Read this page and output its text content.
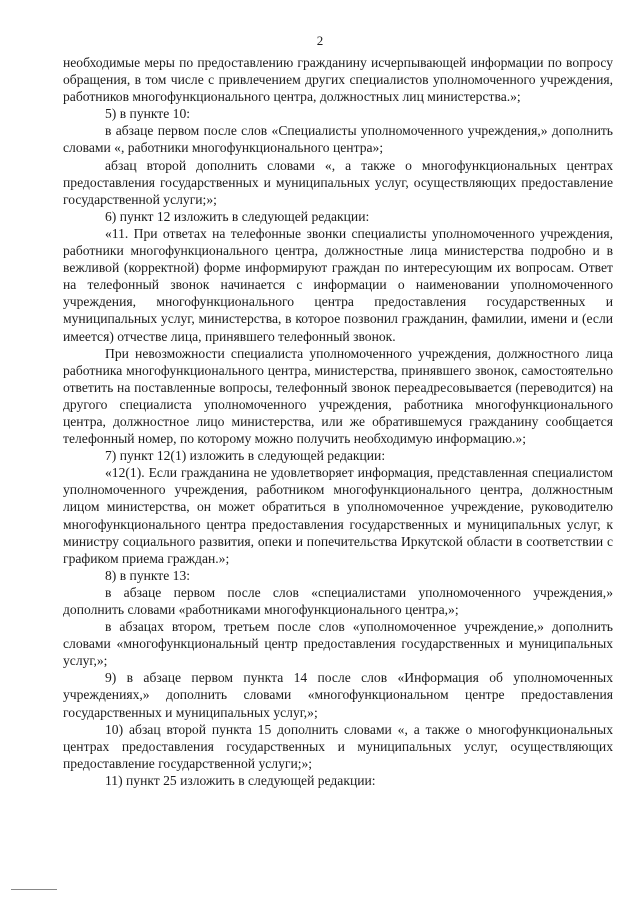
2

необходимые меры по предоставлению гражданину исчерпывающей информации по вопросу обращения, в том числе с привлечением других специалистов уполномоченного учреждения, работников многофункционального центра, должностных лиц министерства.»;

5) в пункте 10:

в абзаце первом после слов «Специалисты уполномоченного учреждения,» дополнить словами «, работники многофункционального центра»;

абзац второй дополнить словами «, а также о многофункциональных центрах предоставления государственных и муниципальных услуг, осуществляющих предоставление государственной услуги;»;

6) пункт 12 изложить в следующей редакции:

«11. При ответах на телефонные звонки специалисты уполномоченного учреждения, работники многофункционального центра, должностные лица министерства подробно и в вежливой (корректной) форме информируют граждан по интересующим их вопросам. Ответ на телефонный звонок начинается с информации о наименовании уполномоченного учреждения, многофункционального центра предоставления государственных и муниципальных услуг, министерства, в которое позвонил гражданин, фамилии, имени и (если имеется) отчестве лица, принявшего телефонный звонок.

При невозможности специалиста уполномоченного учреждения, должностного лица работника многофункционального центра, министерства, принявшего звонок, самостоятельно ответить на поставленные вопросы, телефонный звонок переадресовывается (переводится) на другого специалиста уполномоченного учреждения, работника многофункционального центра, должностное лицо министерства, или же обратившемуся гражданину сообщается телефонный номер, по которому можно получить необходимую информацию.»;

7) пункт 12(1) изложить в следующей редакции:

«12(1). Если гражданина не удовлетворяет информация, представленная специалистом уполномоченного учреждения, работником многофункционального центра, должностным лицом министерства, он может обратиться в уполномоченное учреждение, руководителю многофункционального центра предоставления государственных и муниципальных услуг, к министру социального развития, опеки и попечительства Иркутской области в соответствии с графиком приема граждан.»;

8) в пункте 13:

в абзаце первом после слов «специалистами уполномоченного учреждения,» дополнить словами «работниками многофункционального центра,»;

в абзацах втором, третьем после слов «уполномоченное учреждение,» дополнить словами «многофункциональный центр предоставления государственных и муниципальных услуг,»;

9) в абзаце первом пункта 14 после слов «Информация об уполномоченных учреждениях,» дополнить словами «многофункциональном центре предоставления государственных и муниципальных услуг,»;

10) абзац второй пункта 15 дополнить словами «, а также о многофункциональных центрах предоставления государственных и муниципальных услуг, осуществляющих предоставление государственной услуги;»;

11) пункт 25 изложить в следующей редакции:
